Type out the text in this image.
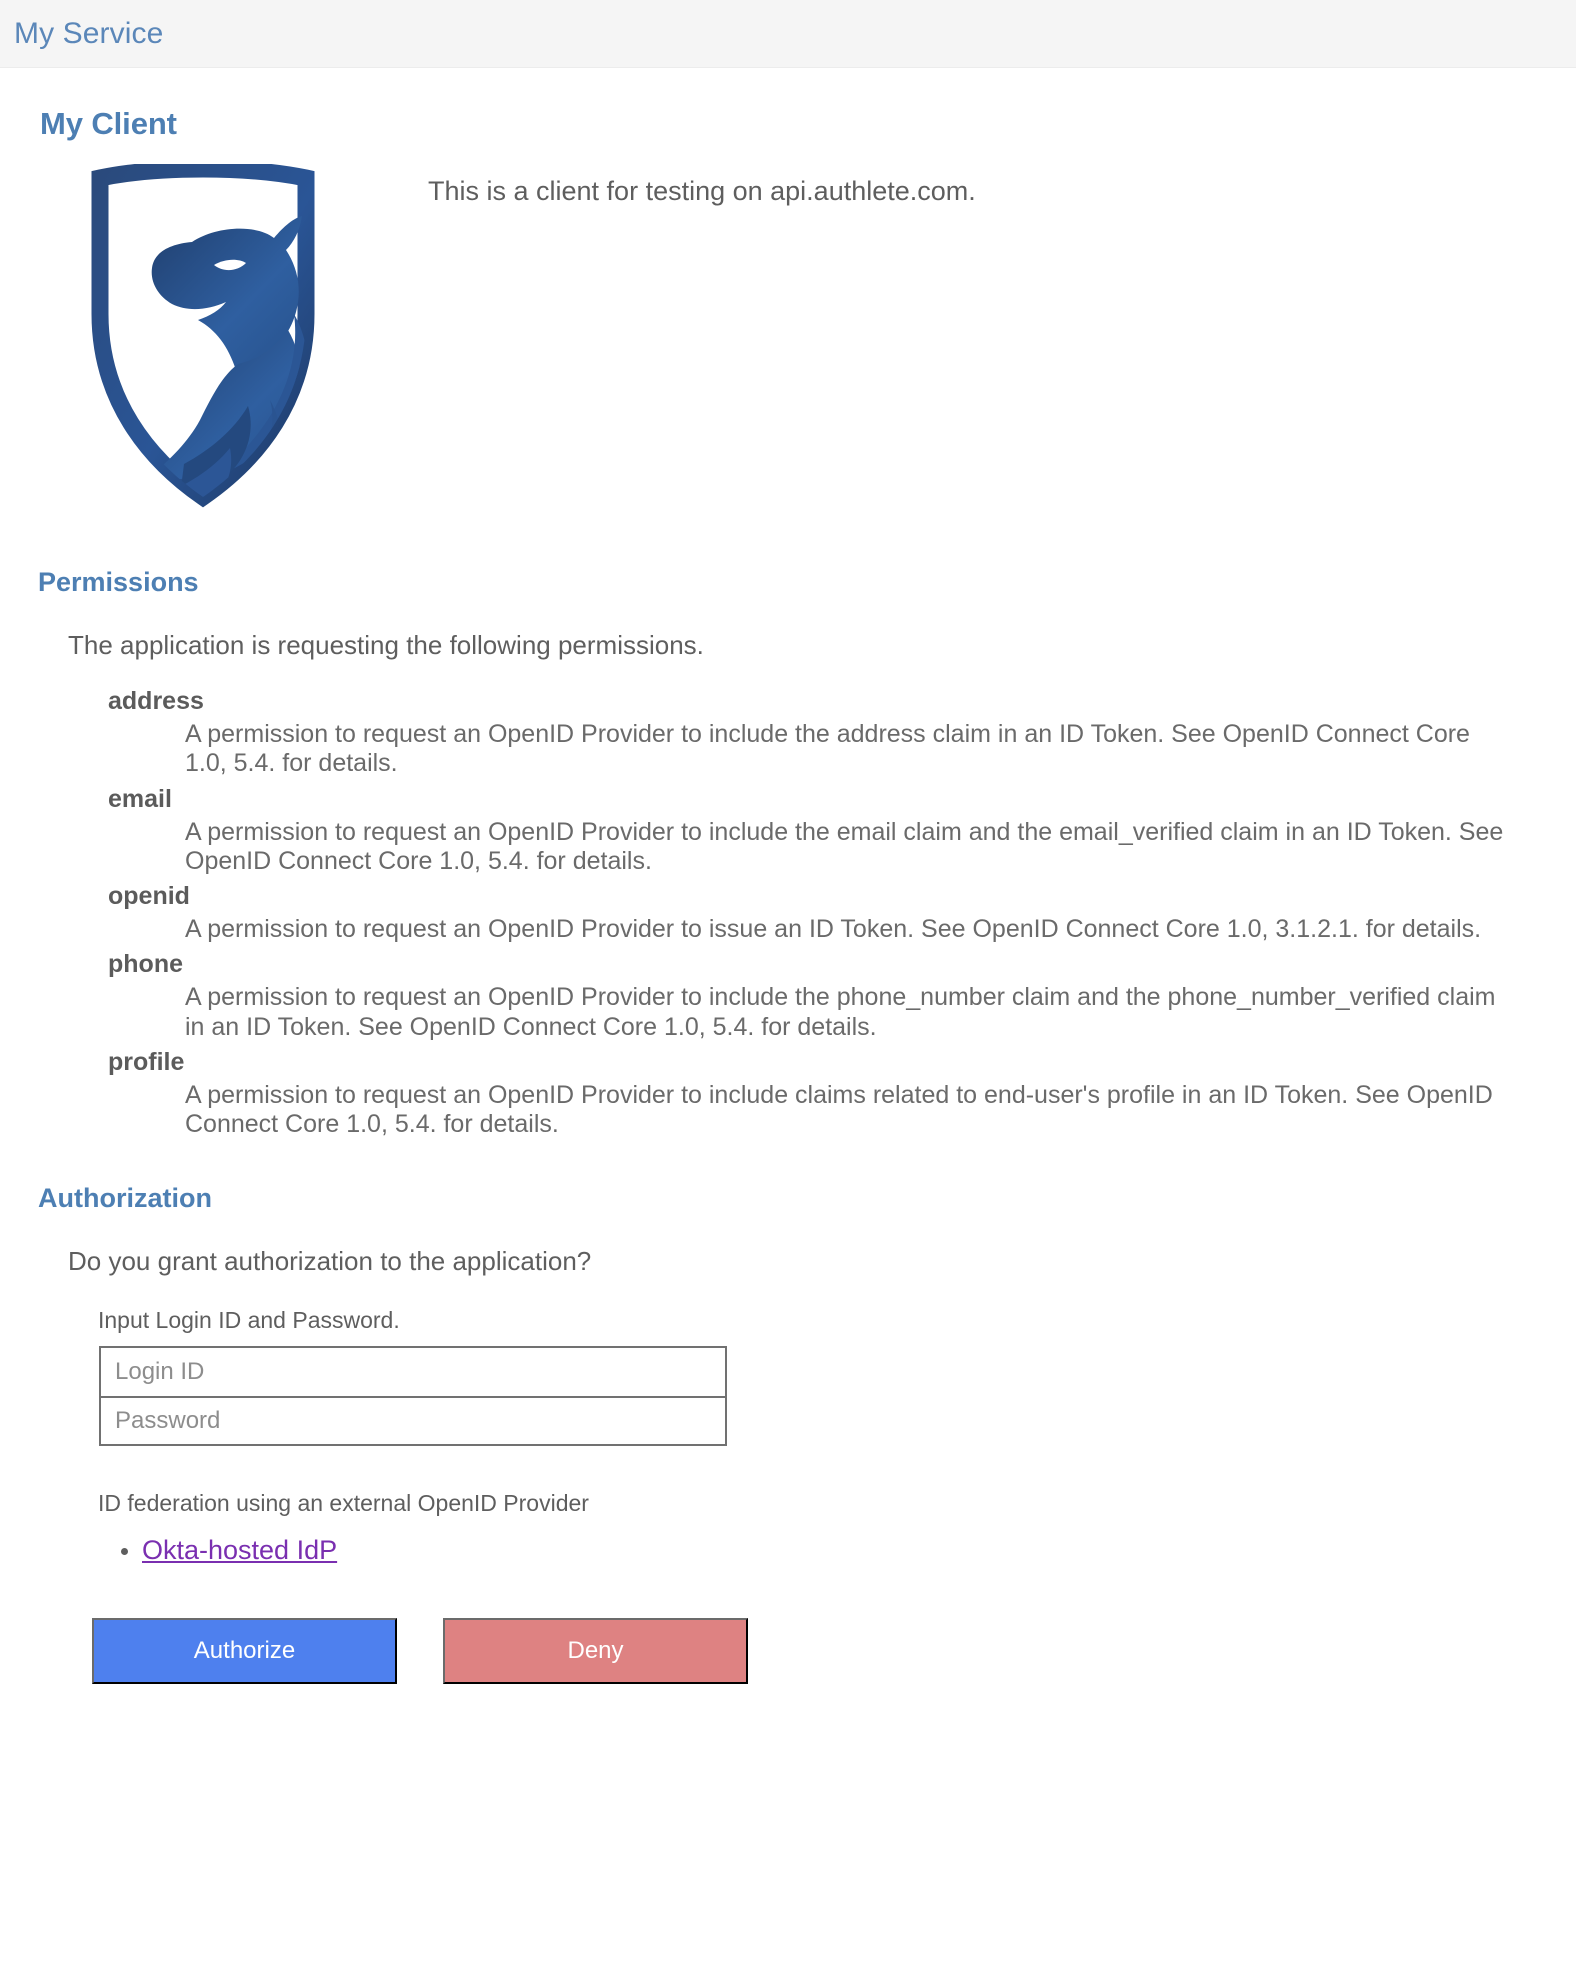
My Service
My Client
This is a client for testing on api.authlete.com.
Permissions
The application is requesting the following permissions.
address
A permission to request an OpenID Provider to include the address claim in an ID Token. See OpenID Connect Core 1.0, 5.4. for details.
email
A permission to request an OpenID Provider to include the email claim and the email_verified claim in an ID Token. See OpenID Connect Core 1.0, 5.4. for details.
openid
A permission to request an OpenID Provider to issue an ID Token. See OpenID Connect Core 1.0, 3.1.2.1. for details.
phone
A permission to request an OpenID Provider to include the phone_number claim and the phone_number_verified claim in an ID Token. See OpenID Connect Core 1.0, 5.4. for details.
profile
A permission to request an OpenID Provider to include claims related to end-user's profile in an ID Token. See OpenID Connect Core 1.0, 5.4. for details.
Authorization
Do you grant authorization to the application?
Input Login ID and Password.
Login ID
ID federation using an external OpenID Provider
• Okta-hosted IdP
Authorize	Deny
